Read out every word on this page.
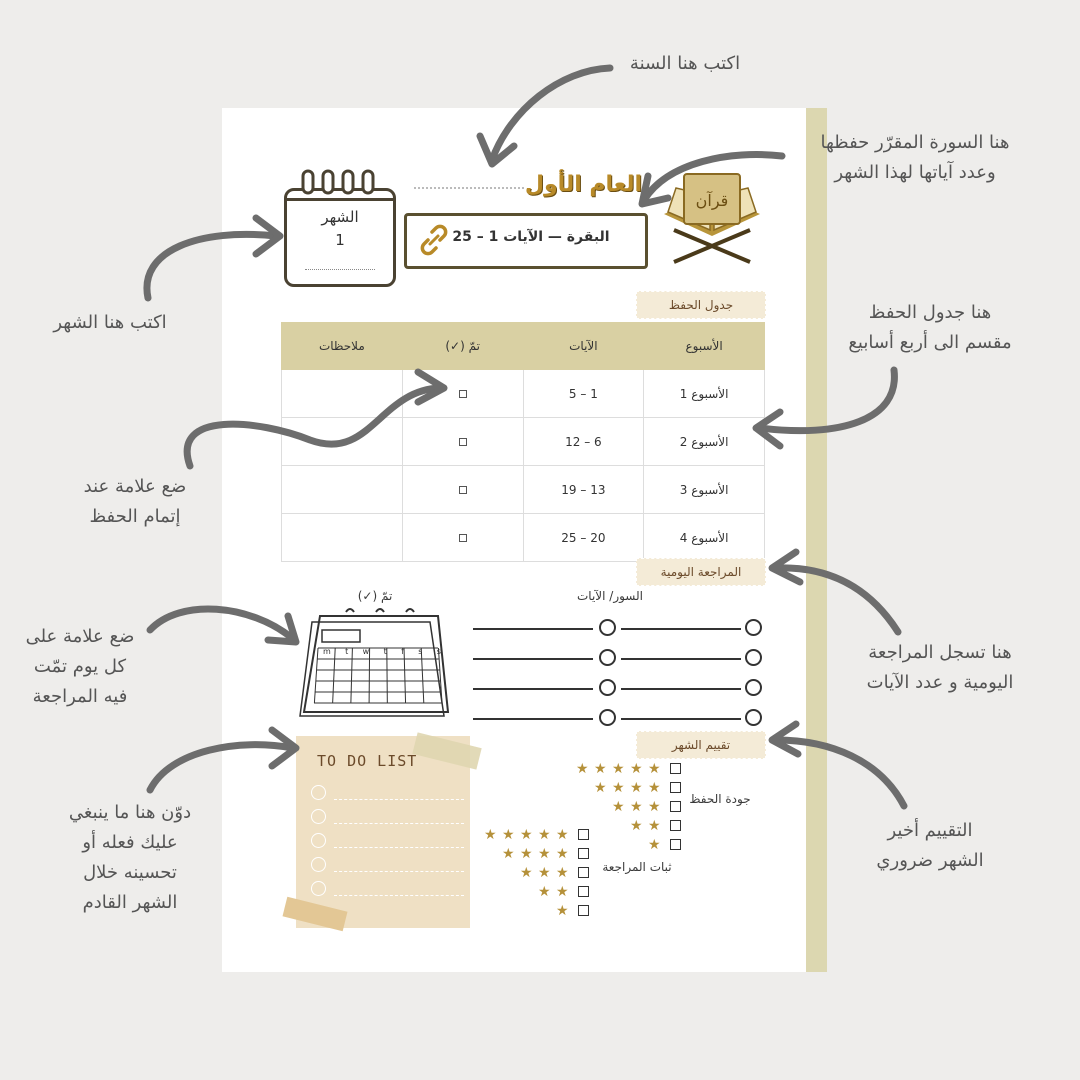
العام الأول
قرآن
البقرة — الآيات 1 – 25
الشهر
1
جدول الحفظ
الأسبوع	الآيات	تمّ (✓)	ملاحظات
الأسبوع 1	1 – 5		
الأسبوع 2	6 – 12		
الأسبوع 3	13 – 19		
الأسبوع 4	20 – 25		
المراجعة اليومية
تمّ (✓)	السور/ الآيات
m t w t f s s
تقييم الشهر
جودة الحفظ
ثبات المراجعة
★
★
★
★
★
★
★
★
★
★
★
★
★
★
★
★
★
★
★
★
★
★
★
★
★
★
★
★
★
★
TO DO LIST
اكتب هنا السنة
هنا السورة المقرّر حفظها
وعدد آياتها لهذا الشهر
اكتب هنا الشهر	هنا جدول الحفظ
مقسم الى أربع أسابيع
ضع علامة عند
إتمام الحفظ
ضع علامة على
كل يوم تمّت
فيه المراجعة
هنا تسجل المراجعة
اليومية و عدد الآيات
دوّن هنا ما ينبغي
عليك فعله أو
تحسينه خلال
الشهر القادم
التقييم أخير
الشهر ضروري
